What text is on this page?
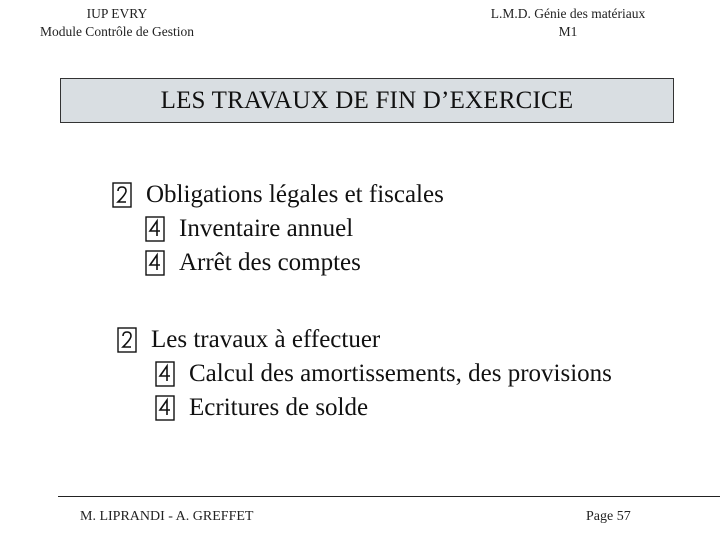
IUP EVRY
Module Contrôle de Gestion
L.M.D. Génie des matériaux
M1
LES TRAVAUX DE FIN D’EXERCICE
Obligations légales et fiscales
Inventaire annuel
Arrêt des comptes
Les travaux à effectuer
Calcul des amortissements, des provisions
Ecritures de solde
M. LIPRANDI - A. GREFFET	Page 57
